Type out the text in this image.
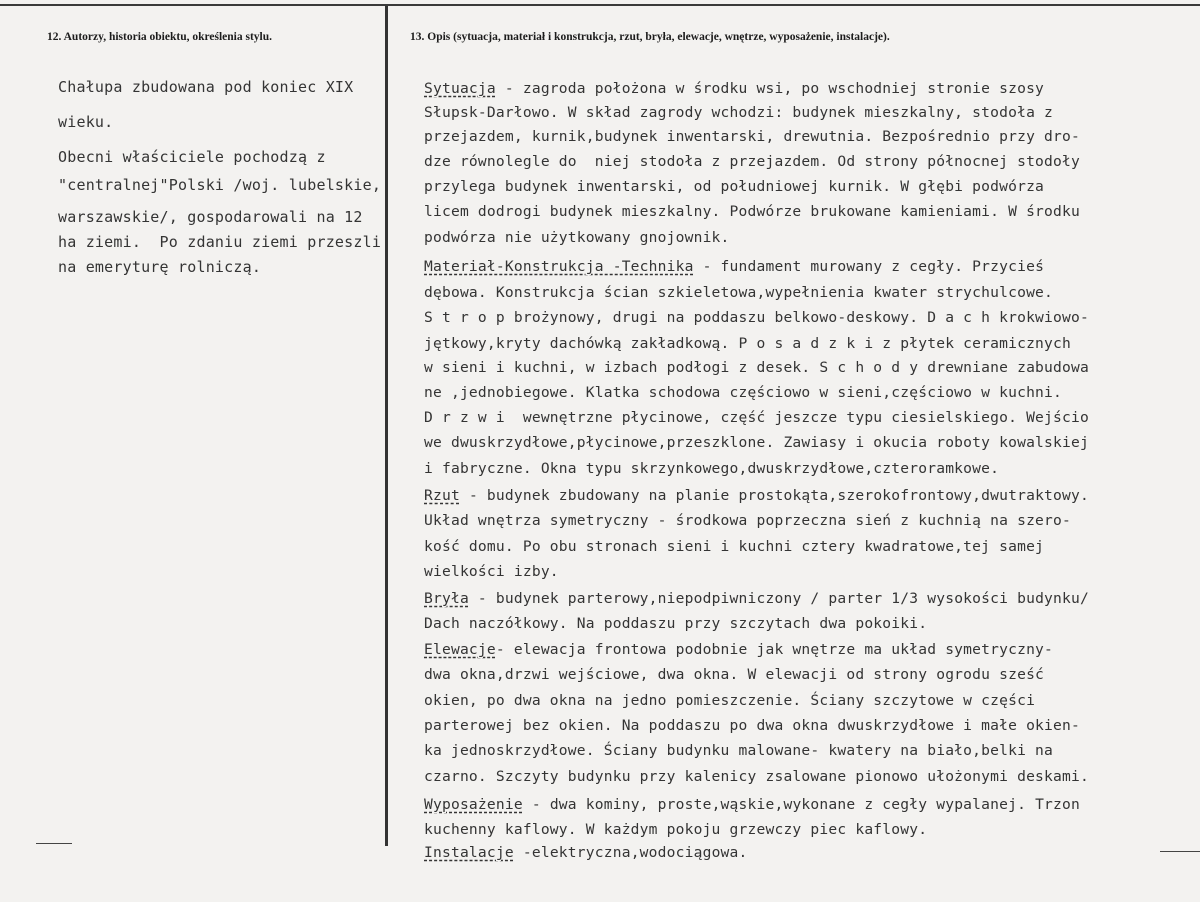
12. Autorzy, historia obiektu, określenia stylu.	13. Opis (sytuacja, materiał i konstrukcja, rzut, bryła, elewacje, wnętrze, wyposażenie, instalacje).
Chałupa zbudowana pod koniec XIX
wieku.
Obecni właściciele pochodzą z
"centralnej"Polski /woj. lubelskie,
warszawskie/, gospodarowali na 12
ha ziemi.  Po zdaniu ziemi przeszli
na emeryturę rolniczą.
Sytuacja - zagroda położona w środku wsi, po wschodniej stronie szosy
Słupsk-Darłowo. W skład zagrody wchodzi: budynek mieszkalny, stodoła z
przejazdem, kurnik,budynek inwentarski, drewutnia. Bezpośrednio przy dro-
dze równolegle do  niej stodoła z przejazdem. Od strony północnej stodoły
przylega budynek inwentarski, od południowej kurnik. W głębi podwórza
licem dodrogi budynek mieszkalny. Podwórze brukowane kamieniami. W środku
podwórza nie użytkowany gnojownik.
Materiał-Konstrukcja -Technika - fundament murowany z cegły. Przyciеś
dębowa. Konstrukcja ścian szkieletowa,wypełnienia kwater strychulcowe.
S t r o p brożynowy, drugi na poddaszu belkowo-deskowy. D a c h krokwiowo-
jętkowy,kryty dachówką zakładkową. P o s a d z k i z płytek ceramicznych
w sieni i kuchni, w izbach podłogi z desek. S c h o d y drewniane zabudowa
ne ,jednobiegowe. Klatka schodowa częściowo w sieni,częściowo w kuchni.
D r z w i  wewnętrzne płycinowe, część jeszcze typu ciesielskiego. Wejścio
we dwuskrzydłowe,płycinowe,przeszklone. Zawiasy i okucia roboty kowalskiej
i fabryczne. Okna typu skrzynkowego,dwuskrzydłowe,czteroramkowe.
Rzut - budynek zbudowany na planie prostokąta,szerokofrontowy,dwutraktowy.
Układ wnętrza symetryczny - środkowa poprzeczna sień z kuchnią na szero-
kość domu. Po obu stronach sieni i kuchni cztery kwadratowe,tej samej
wielkości izby.
Bryła - budynek parterowy,niepodpiwniczony / parter 1/3 wysokości budynku/
Dach naczółkowy. Na poddaszu przy szczytach dwa pokoiki.
Elewacje- elewacja frontowa podobnie jak wnętrze ma układ symetryczny-
dwa okna,drzwi wejściowe, dwa okna. W elewacji od strony ogrodu sześć
okien, po dwa okna na jedno pomieszczenie. Ściany szczytowe w części
parterowej bez okien. Na poddaszu po dwa okna dwuskrzydłowe i małe okien-
ka jednoskrzydłowe. Ściany budynku malowane- kwatery na biało,belki na
czarno. Szczyty budynku przy kalenicy zsalowane pionowo ułożonymi deskami.
Wyposażenie - dwa kominy, proste,wąskie,wykonane z cegły wypalanej. Trzon
kuchenny kaflowy. W każdym pokoju grzewczy piec kaflowy.
Instalacje -elektryczna,wodociągowa.
